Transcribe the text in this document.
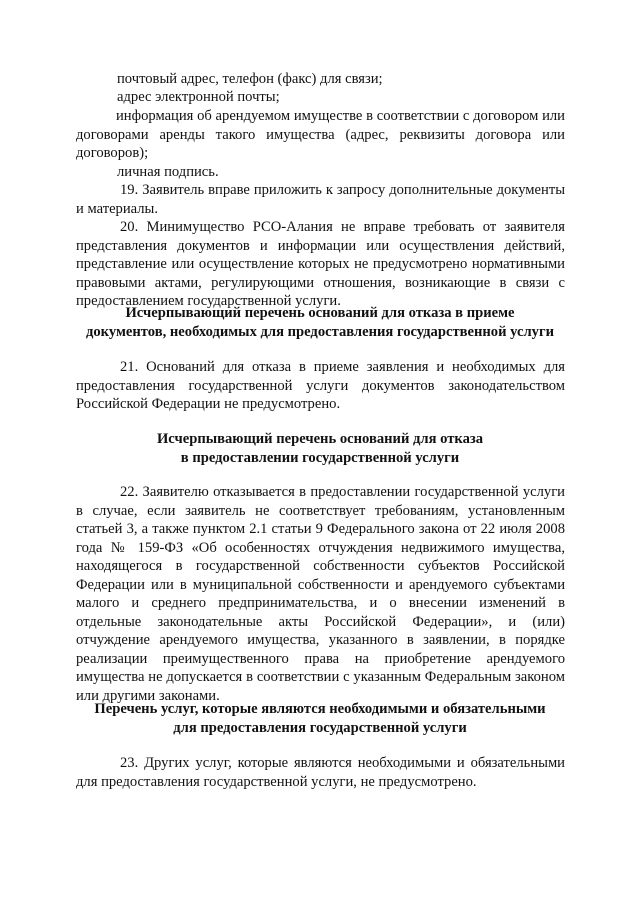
почтовый адрес, телефон (факс) для связи;
адрес электронной почты;
информация об арендуемом имуществе в соответствии с договором или договорами аренды такого имущества (адрес, реквизиты договора или договоров);
личная подпись.
19. Заявитель вправе приложить к запросу дополнительные документы и материалы.
20. Минимущество РСО-Алания не вправе требовать от заявителя представления документов и информации или осуществления действий, представление или осуществление которых не предусмотрено нормативными правовыми актами, регулирующими отношения, возникающие в связи с предоставлением государственной услуги.
Исчерпывающий перечень оснований для отказа в приеме
документов, необходимых для предоставления государственной услуги
21. Оснований для отказа в приеме заявления и необходимых для предоставления государственной услуги документов законодательством Российской Федерации не предусмотрено.
Исчерпывающий перечень оснований для отказа
в предоставлении государственной услуги
22. Заявителю отказывается в предоставлении государственной услуги в случае, если заявитель не соответствует требованиям, установленным статьей 3, а также пунктом 2.1 статьи 9 Федерального закона от 22 июля 2008 года № 159-ФЗ «Об особенностях отчуждения недвижимого имущества, находящегося в государственной собственности субъектов Российской Федерации или в муниципальной собственности и арендуемого субъектами малого и среднего предпринимательства, и о внесении изменений в отдельные законодательные акты Российской Федерации», и (или) отчуждение арендуемого имущества, указанного в заявлении, в порядке реализации преимущественного права на приобретение арендуемого имущества не допускается в соответствии с указанным Федеральным законом или другими законами.
Перечень услуг, которые являются необходимыми и обязательными
для предоставления государственной услуги
23. Других услуг, которые являются необходимыми и обязательными для предоставления государственной услуги, не предусмотрено.
